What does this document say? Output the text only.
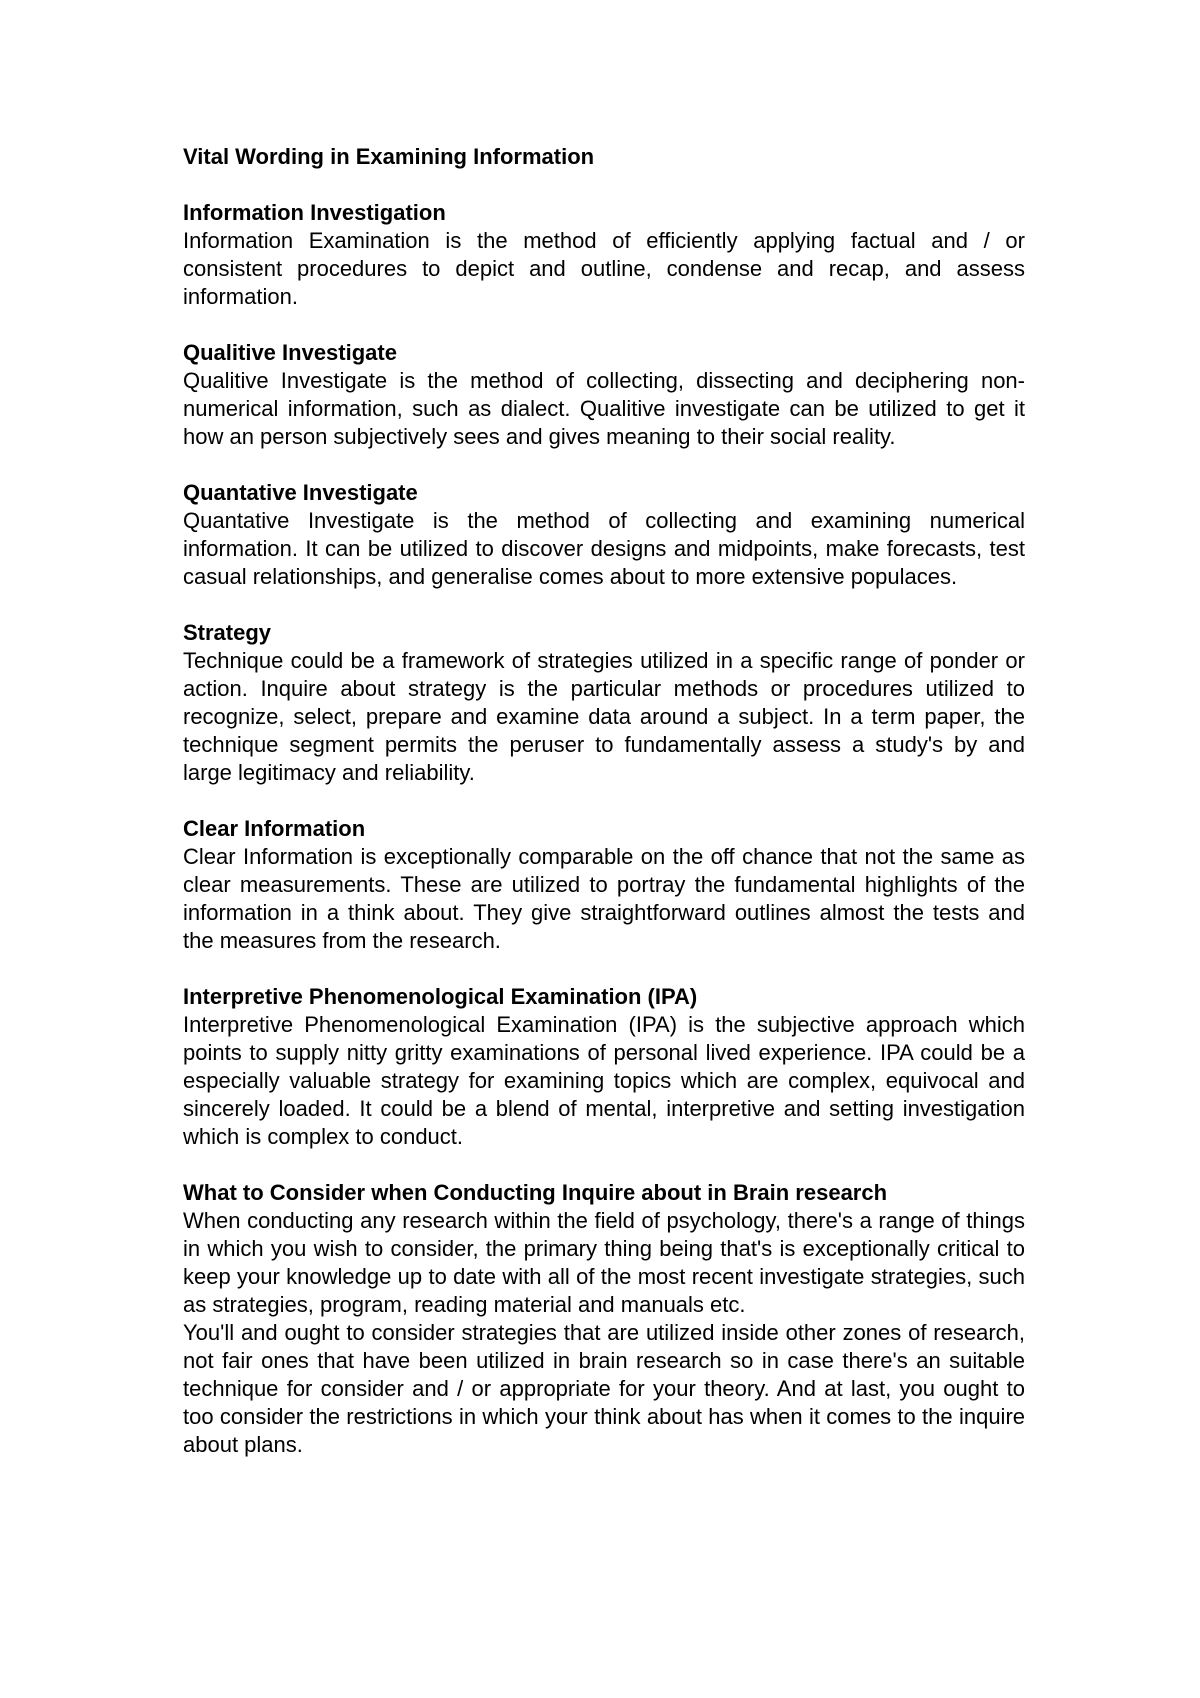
Vital Wording in Examining Information

Information Investigation

Information Examination is the method of efficiently applying factual and / or consistent procedures to depict and outline, condense and recap, and assess information.

Qualitive Investigate

Qualitive Investigate is the method of collecting, dissecting and deciphering non-numerical information, such as dialect. Qualitive investigate can be utilized to get it how an person subjectively sees and gives meaning to their social reality.

Quantative Investigate

Quantative Investigate is the method of collecting and examining numerical information. It can be utilized to discover designs and midpoints, make forecasts, test casual relationships, and generalise comes about to more extensive populaces.

Strategy

Technique could be a framework of strategies utilized in a specific range of ponder or action. Inquire about strategy is the particular methods or procedures utilized to recognize, select, prepare and examine data around a subject. In a term paper, the technique segment permits the peruser to fundamentally assess a study's by and large legitimacy and reliability.

Clear Information

Clear Information is exceptionally comparable on the off chance that not the same as clear measurements. These are utilized to portray the fundamental highlights of the information in a think about. They give straightforward outlines almost the tests and the measures from the research.

Interpretive Phenomenological Examination (IPA)

Interpretive Phenomenological Examination (IPA) is the subjective approach which points to supply nitty gritty examinations of personal lived experience. IPA could be a especially valuable strategy for examining topics which are complex, equivocal and sincerely loaded. It could be a blend of mental, interpretive and setting investigation which is complex to conduct.

What to Consider when Conducting Inquire about in Brain research

When conducting any research within the field of psychology, there's a range of things in which you wish to consider, the primary thing being that's is exceptionally critical to keep your knowledge up to date with all of the most recent investigate strategies, such as strategies, program, reading material and manuals etc.

You'll and ought to consider strategies that are utilized inside other zones of research, not fair ones that have been utilized in brain research so in case there's an suitable technique for consider and / or appropriate for your theory. And at last, you ought to too consider the restrictions in which your think about has when it comes to the inquire about plans.
